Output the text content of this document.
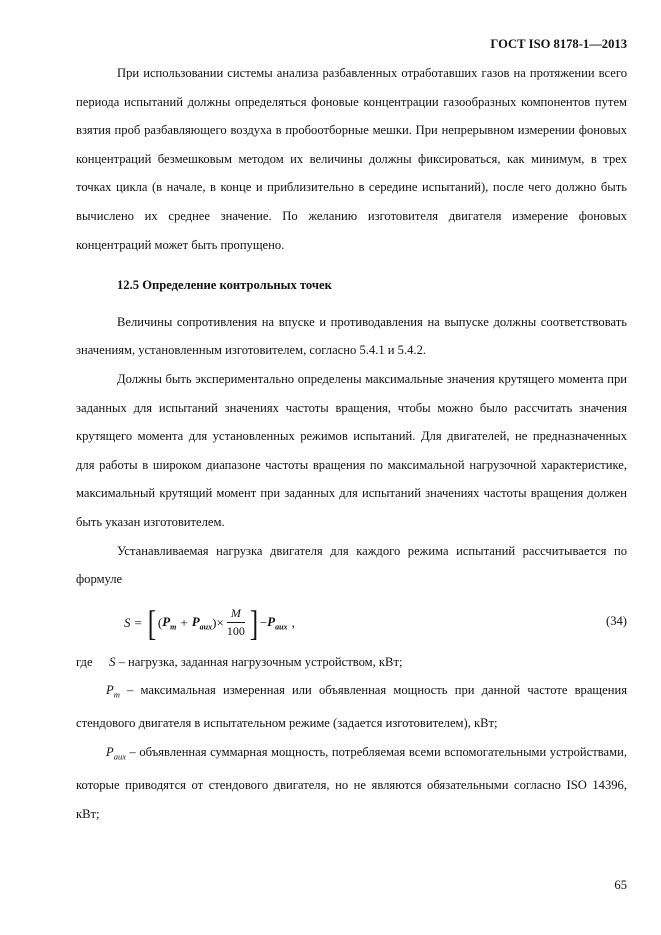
ГОСТ ISO 8178-1—2013

При использовании системы анализа разбавленных отработавших газов на протяжении всего периода испытаний должны определяться фоновые концентрации газообразных компонентов путем взятия проб разбавляющего воздуха в пробоотборные мешки. При непрерывном измерении фоновых концентраций безмешковым методом их величины должны фиксироваться, как минимум, в трех точках цикла (в начале, в конце и приблизительно в середине испытаний), после чего должно быть вычислено их среднее значение. По желанию изготовителя двигателя измерение фоновых концентраций может быть пропущено.

12.5 Определение контрольных точек

Величины сопротивления на впуске и противодавления на выпуске должны соответствовать значениям, установленным изготовителем, согласно 5.4.1 и 5.4.2.

Должны быть экспериментально определены максимальные значения крутящего момента при заданных для испытаний значениях частоты вращения, чтобы можно было рассчитать значения крутящего момента для установленных режимов испытаний. Для двигателей, не предназначенных для работы в широком диапазоне частоты вращения по максимальной нагрузочной характеристике, максимальный крутящий момент при заданных для испытаний значениях частоты вращения должен быть указан изготовителем.

Устанавливаемая нагрузка двигателя для каждого режима испытаний рассчитывается по формуле

S = [ ( $P_m + P_{aux}$ ) × $\frac{M}{100}$ ] − $P_{aux}$ ,	(34)

где S – нагрузка, заданная нагрузочным устройством, кВт;

$P_m$ – максимальная измеренная или объявленная мощность при данной частоте вращения стендового двигателя в испытательном режиме (задается изготовителем), кВт;

$P_{aux}$ – объявленная суммарная мощность, потребляемая всеми вспомогательными устройствами, которые приводятся от стендового двигателя, но не являются обязательными согласно ISO 14396, кВт;

65
